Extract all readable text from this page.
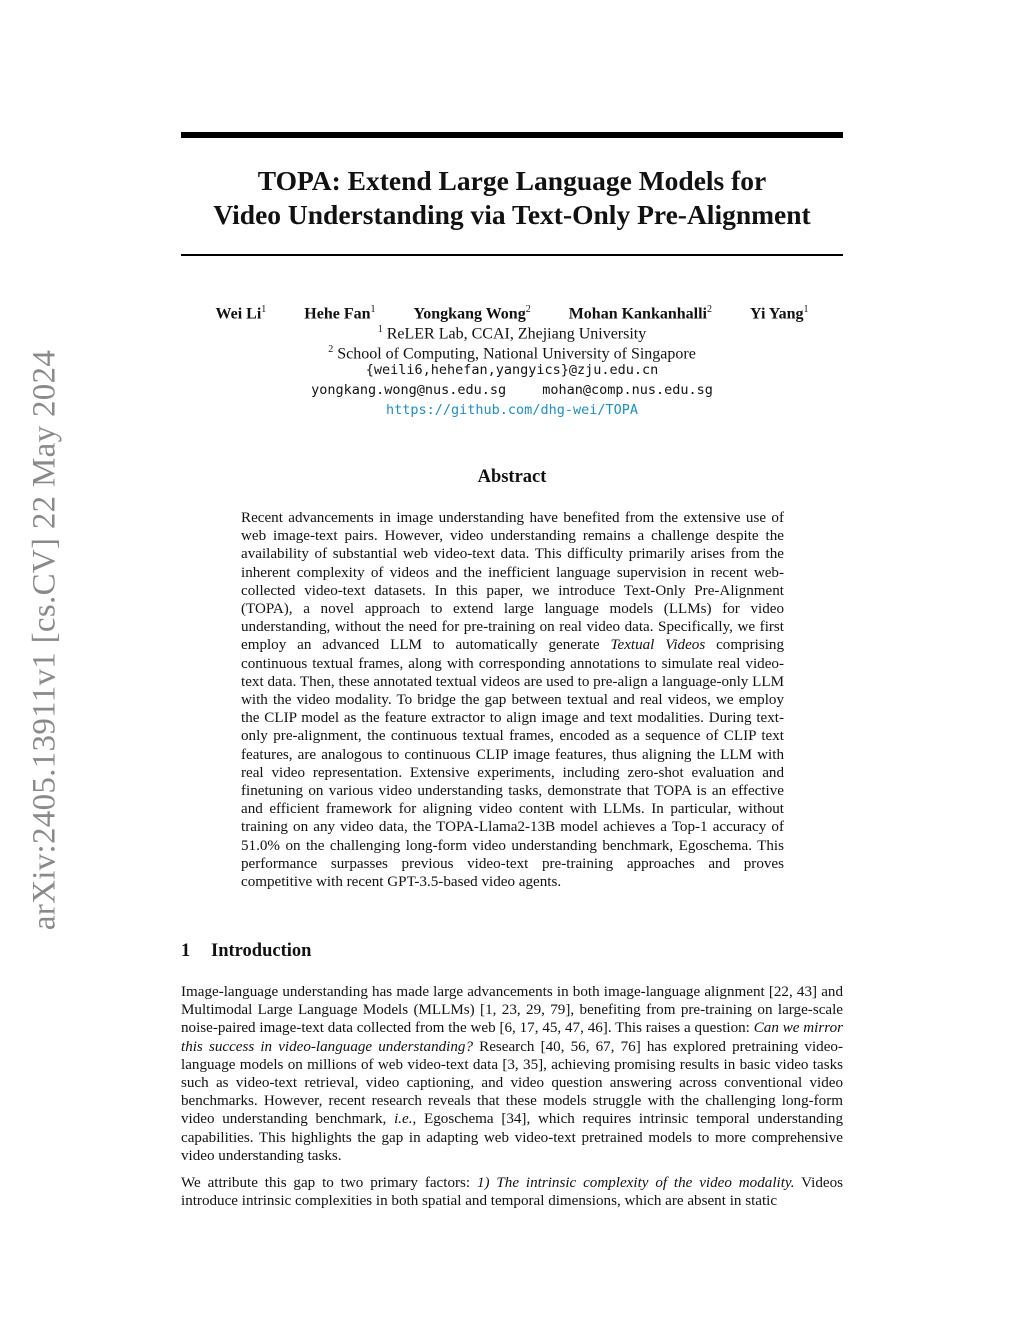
arXiv:2405.13911v1 [cs.CV] 22 May 2024
TOPA: Extend Large Language Models for
Video Understanding via Text-Only Pre-Alignment
Wei Li$^1$ Hehe Fan$^1$ Yongkang Wong$^2$ Mohan Kankanhalli$^2$ Yi Yang$^1$
$^1$ ReLER Lab, CCAI, Zhejiang University
$^2$ School of Computing, National University of Singapore
{weili6,hehefan,yangyics}@zju.edu.cn
yongkang.wong@nus.edu.sg	mohan@comp.nus.edu.sg
https://github.com/dhg-wei/TOPA
Abstract

Recent advancements in image understanding have benefited from the extensive use of web image-text pairs. However, video understanding remains a challenge despite the availability of substantial web video-text data. This difficulty primarily arises from the inherent complexity of videos and the inefficient language supervision in recent web-collected video-text datasets. In this paper, we introduce Text-Only Pre-Alignment (TOPA), a novel approach to extend large language models (LLMs) for video understanding, without the need for pre-training on real video data. Specifically, we first employ an advanced LLM to automatically generate Textual Videos comprising continuous textual frames, along with corresponding annotations to simulate real video-text data. Then, these annotated textual videos are used to pre-align a language-only LLM with the video modality. To bridge the gap between textual and real videos, we employ the CLIP model as the feature extractor to align image and text modalities. During text-only pre-alignment, the continuous textual frames, encoded as a sequence of CLIP text features, are analogous to continuous CLIP image features, thus aligning the LLM with real video representation. Extensive experiments, including zero-shot evaluation and finetuning on various video understanding tasks, demonstrate that TOPA is an effective and efficient framework for aligning video content with LLMs. In particular, without training on any video data, the TOPA-Llama2-13B model achieves a Top-1 accuracy of 51.0% on the challenging long-form video understanding benchmark, Egoschema. This performance surpasses previous video-text pre-training approaches and proves competitive with recent GPT-3.5-based video agents.

1 Introduction

Image-language understanding has made large advancements in both image-language alignment [22, 43] and Multimodal Large Language Models (MLLMs) [1, 23, 29, 79], benefiting from pre-training on large-scale noise-paired image-text data collected from the web [6, 17, 45, 47, 46]. This raises a question: Can we mirror this success in video-language understanding? Research [40, 56, 67, 76] has explored pretraining video-language models on millions of web video-text data [3, 35], achieving promising results in basic video tasks such as video-text retrieval, video captioning, and video question answering across conventional video benchmarks. However, recent research reveals that these models struggle with the challenging long-form video understanding benchmark, i.e., Egoschema [34], which requires intrinsic temporal understanding capabilities. This highlights the gap in adapting web video-text pretrained models to more comprehensive video understanding tasks.

We attribute this gap to two primary factors: 1) The intrinsic complexity of the video modality. Videos introduce intrinsic complexities in both spatial and temporal dimensions, which are absent in static
